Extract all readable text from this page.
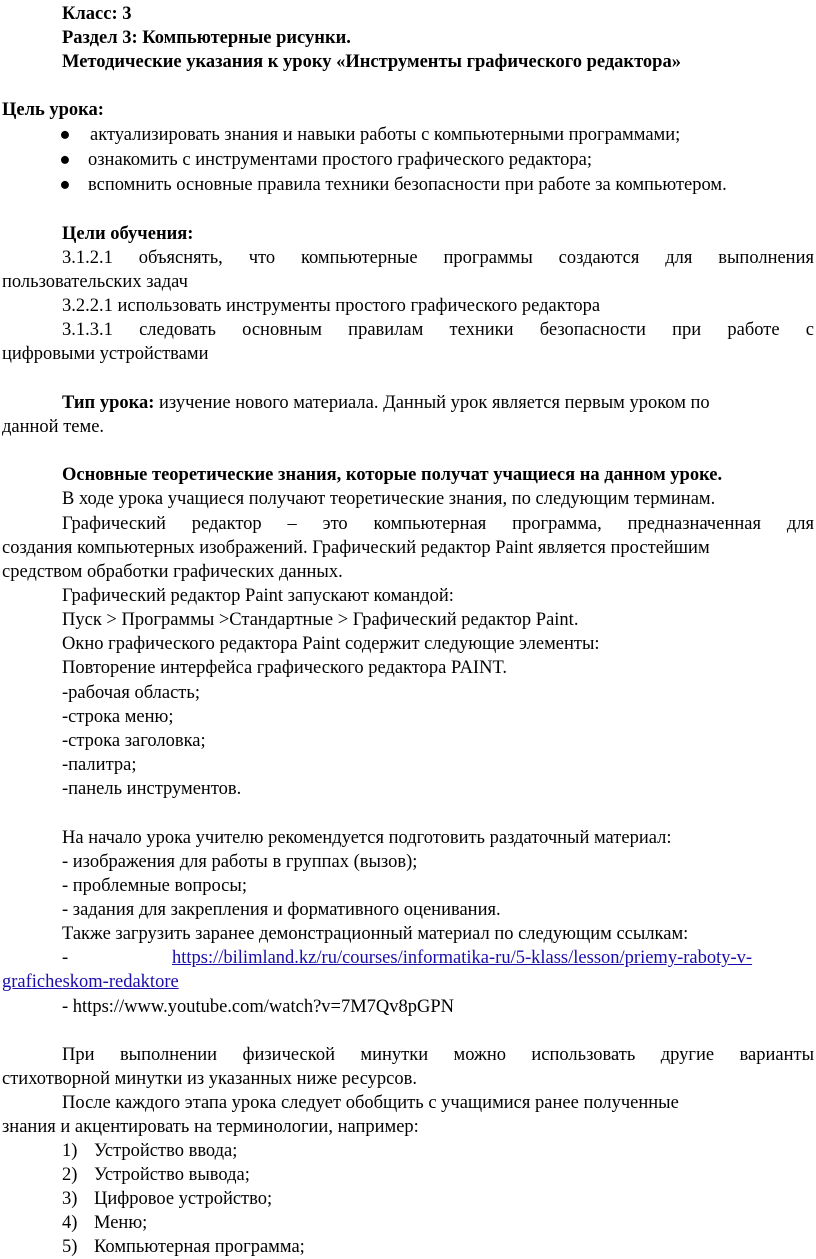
Класс: 3
Раздел 3: Компьютерные рисунки.
Методические указания к уроку «Инструменты графического редактора»
Цель урока:
● актуализировать знания и навыки работы с компьютерными программами;
● ознакомить с инструментами простого графического редактора;
● вспомнить основные правила техники безопасности при работе за компьютером.
Цели обучения:
3.1.2.1 объяснять, что компьютерные программы создаются для выполнения
пользовательских задач
3.2.2.1 использовать инструменты простого графического редактора
3.1.3.1 следовать основным правилам техники безопасности при работе с
цифровыми устройствами
Тип урока: изучение нового материала. Данный урок является первым уроком по
данной теме.
Основные теоретические знания, которые получат учащиеся на данном уроке.
В ходе урока учащиеся получают теоретические знания, по следующим терминам.
Графический редактор – это компьютерная программа, предназначенная для
создания компьютерных изображений. Графический редактор Paint является простейшим
средством обработки графических данных.
Графический редактор Paint запускают командой:
Пуск > Программы >Стандартные > Графический редактор Paint.
Окно графического редактора Paint содержит следующие элементы:
Повторение интерфейса графического редактора PAINT.
-рабочая область;
-строка меню;
-строка заголовка;
-палитра;
-панель инструментов.
На начало урока учителю рекомендуется подготовить раздаточный материал:
- изображения для работы в группах (вызов);
- проблемные вопросы;
- задания для закрепления и формативного оценивания.
Также загрузить заранее демонстрационный материал по следующим ссылкам:
-	https://bilimland.kz/ru/courses/informatika-ru/5-klass/lesson/priemy-raboty-v-
graficheskom-redaktore
- https://www.youtube.com/watch?v=7M7Qv8pGPN
При выполнении физической минутки можно использовать другие варианты
стихотворной минутки из указанных ниже ресурсов.
После каждого этапа урока следует обобщить с учащимися ранее полученные
знания и акцентировать на терминологии, например:
1) Устройство ввода;
2) Устройство вывода;
3) Цифровое устройство;
4) Меню;
5) Компьютерная программа;
